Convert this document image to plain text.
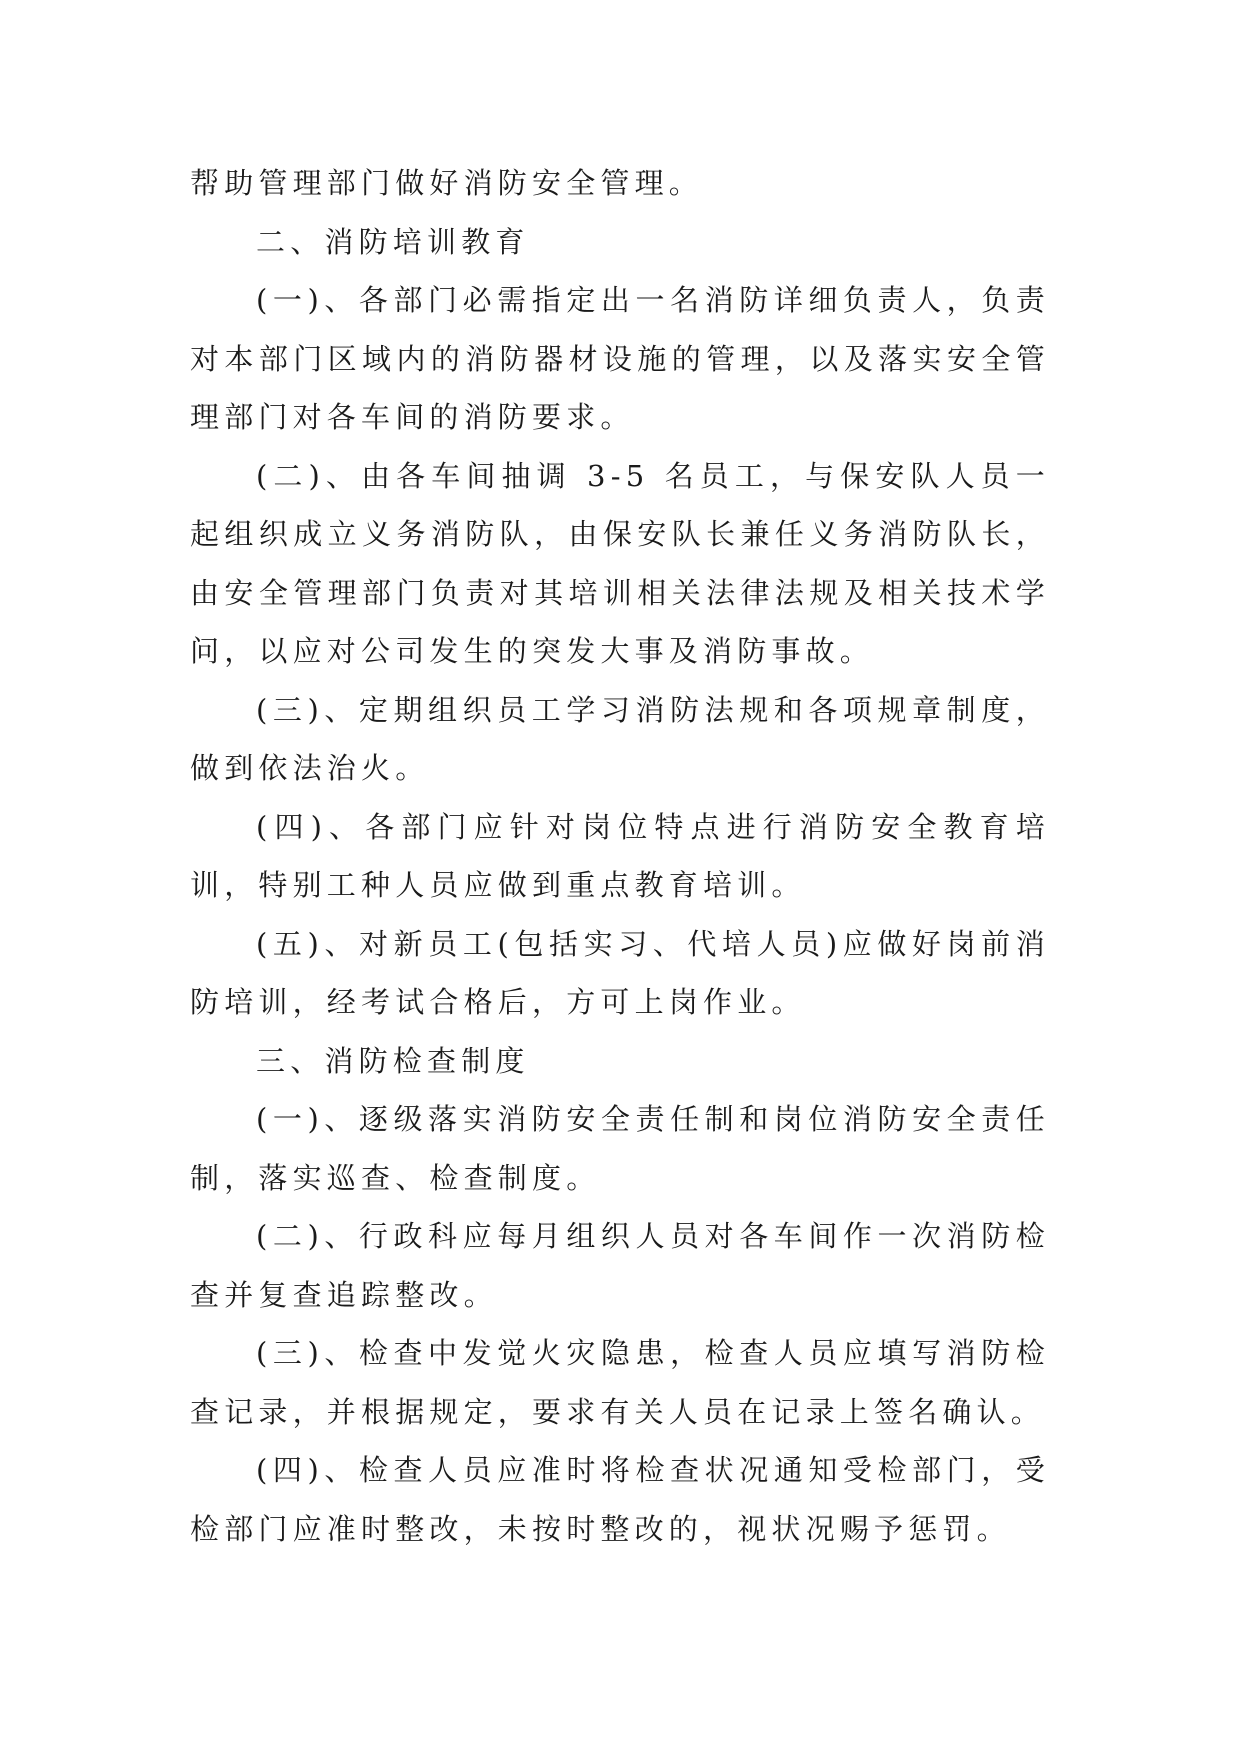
帮助管理部门做好消防安全管理。

二、消防培训教育

(一)、各部门必需指定出一名消防详细负责人，负责对本部门区域内的消防器材设施的管理，以及落实安全管理部门对各车间的消防要求。

(二)、由各车间抽调 3-5 名员工，与保安队人员一起组织成立义务消防队，由保安队长兼任义务消防队长，由安全管理部门负责对其培训相关法律法规及相关技术学问，以应对公司发生的突发大事及消防事故。

(三)、定期组织员工学习消防法规和各项规章制度，做到依法治火。

(四)、各部门应针对岗位特点进行消防安全教育培训，特别工种人员应做到重点教育培训。

(五)、对新员工(包括实习、代培人员)应做好岗前消防培训，经考试合格后，方可上岗作业。

三、消防检查制度

(一)、逐级落实消防安全责任制和岗位消防安全责任制，落实巡查、检查制度。

(二)、行政科应每月组织人员对各车间作一次消防检查并复查追踪整改。

(三)、检查中发觉火灾隐患，检查人员应填写消防检查记录，并根据规定，要求有关人员在记录上签名确认。

(四)、检查人员应准时将检查状况通知受检部门，受检部门应准时整改，未按时整改的，视状况赐予惩罚。
